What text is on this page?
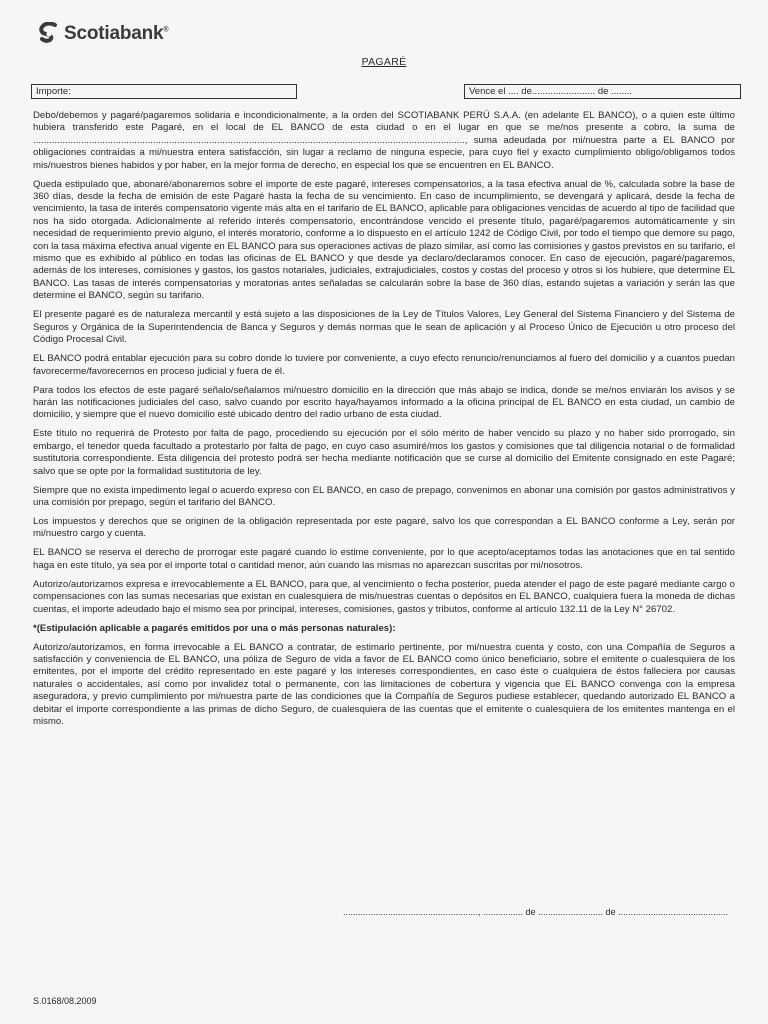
Scotiabank®
PAGARÉ
Importe:	Vence el .... de........................ de ........

Debo/debemos y pagaré/pagaremos solidaria e incondicionalmente, a la orden del SCOTIABANK PERÚ S.A.A. (en adelante EL BANCO), o a quien este último hubiera transferido este Pagaré, en el local de EL BANCO de esta ciudad o en el lugar en que se me/nos presente a cobro, la suma de .................................................................................................................................................................., suma adeudada por mi/nuestra parte a EL BANCO por obligaciones contraídas a mi/nuestra entera satisfacción, sin lugar a reclamo de ninguna especie, para cuyo fiel y exacto cumplimiento obligo/obligamos todos mis/nuestros bienes habidos y por haber, en la mejor forma de derecho, en especial los que se encuentren en EL BANCO.

Queda estipulado que, abonaré/abonaremos sobre el importe de este pagaré, intereses compensatorios, a la tasa efectiva anual de %, calculada sobre la base de 360 días, desde la fecha de emisión de este Pagaré hasta la fecha de su vencimiento. En caso de incumplimiento, se devengará y aplicará, desde la fecha de vencimiento, la tasa de interés compensatorio vigente más alta en el tarifario de EL BANCO, aplicable para obligaciones vencidas de acuerdo al tipo de facilidad que nos ha sido otorgada. Adicionalmente al referido interés compensatorio, encontrándose vencido el presente título, pagaré/pagaremos automáticamente y sin necesidad de requerimiento previo alguno, el interés moratorio, conforme a lo dispuesto en el artículo 1242 de Código Civil, por todo el tiempo que demore su pago, con la tasa máxima efectiva anual vigente en EL BANCO para sus operaciones activas de plazo similar, así como las comisiones y gastos previstos en su tarifario, el mismo que es exhibido al público en todas las oficinas de EL BANCO y que desde ya declaro/declaramos conocer. En caso de ejecución, pagaré/pagaremos, además de los intereses, comisiones y gastos, los gastos notariales, judiciales, extrajudiciales, costos y costas del proceso y otros si los hubiere, que determine EL BANCO. Las tasas de interés compensatorias y moratorias antes señaladas se calcularán sobre la base de 360 días, estando sujetas a variación y serán las que determine el BANCO, según su tarifario.

El presente pagaré es de naturaleza mercantil y está sujeto a las disposiciones de la Ley de Títulos Valores, Ley General del Sistema Financiero y del Sistema de Seguros y Orgánica de la Superintendencia de Banca y Seguros y demás normas que le sean de aplicación y al Proceso Único de Ejecución u otro proceso del Código Procesal Civil.

EL BANCO podrá entablar ejecución para su cobro donde lo tuviere por conveniente, a cuyo efecto renuncio/renunciamos al fuero del domicilio y a cuantos puedan favorecerme/favorecernos en proceso judicial y fuera de él.

Para todos los efectos de este pagaré señalo/señalamos mi/nuestro domicilio en la dirección que más abajo se indica, donde se me/nos enviarán los avisos y se harán las notificaciones judiciales del caso, salvo cuando por escrito haya/hayamos informado a la oficina principal de EL BANCO en esta ciudad, un cambio de domicilio, y siempre que el nuevo domicilio esté ubicado dentro del radio urbano de esta ciudad.

Este título no requerirá de Protesto por falta de pago, procediendo su ejecución por el sólo mérito de haber vencido su plazo y no haber sido prorrogado, sin embargo, el tenedor queda facultado a protestarlo por falta de pago, en cuyo caso asumiré/mos los gastos y comisiones que tal diligencia notarial o de formalidad sustitutoria correspondiente. Esta diligencia del protesto podrá ser hecha mediante notificación que se curse al domicilio del Emitente consignado en este Pagaré; salvo que se opte por la formalidad sustitutoria de ley.

Siempre que no exista impedimento legal o acuerdo expreso con EL BANCO, en caso de prepago, convenimos en abonar una comisión por gastos administrativos y una comisión por prepago, según el tarifario del BANCO.

Los impuestos y derechos que se originen de la obligación representada por este pagaré, salvo los que correspondan a EL BANCO conforme a Ley, serán por mi/nuestro cargo y cuenta.

EL BANCO se reserva el derecho de prorrogar este pagaré cuando lo estime conveniente, por lo que acepto/aceptamos todas las anotaciones que en tal sentido haga en este título, ya sea por el importe total o cantidad menor, aún cuando las mismas no aparezcan suscritas por mi/nosotros.

Autorizo/autorizamos expresa e irrevocablemente a EL BANCO, para que, al vencimiento o fecha posterior, pueda atender el pago de este pagaré mediante cargo o compensaciones con las sumas necesarias que existan en cualesquiera de mis/nuestras cuentas o depósitos en EL BANCO, cualquiera fuera la moneda de dichas cuentas, el importe adeudado bajo el mismo sea por principal, intereses, comisiones, gastos y tributos, conforme al artículo 132.11 de la Ley N° 26702.

*(Estipulación aplicable a pagarés emitidos por una o más personas naturales):

Autorizo/autorizamos, en forma irrevocable a EL BANCO a contratar, de estimarlo pertinente, por mi/nuestra cuenta y costo, con una Compañía de Seguros a satisfacción y conveniencia de EL BANCO, una póliza de Seguro de vida a favor de EL BANCO como único beneficiario, sobre el emitente o cualesquiera de los emitentes, por el importe del crédito representado en este pagaré y los intereses correspondientes, en caso éste o cualquiera de éstos falleciera por causas naturales o accidentales, así como por invalidez total o permanente, con las limitaciones de cobertura y vigencia que EL BANCO convenga con la empresa aseguradora, y previo cumplimiento por mi/nuestra parte de las condiciones que la Compañía de Seguros pudiese establecer, quedando autorizado EL BANCO a debitar el importe correspondiente a las primas de dicho Seguro, de cualesquiera de las cuentas que el emitente o cualesquiera de los emitentes mantenga en el mismo.

......................................................, ................ de .......................... de ............................................
S.0168/08.2009
